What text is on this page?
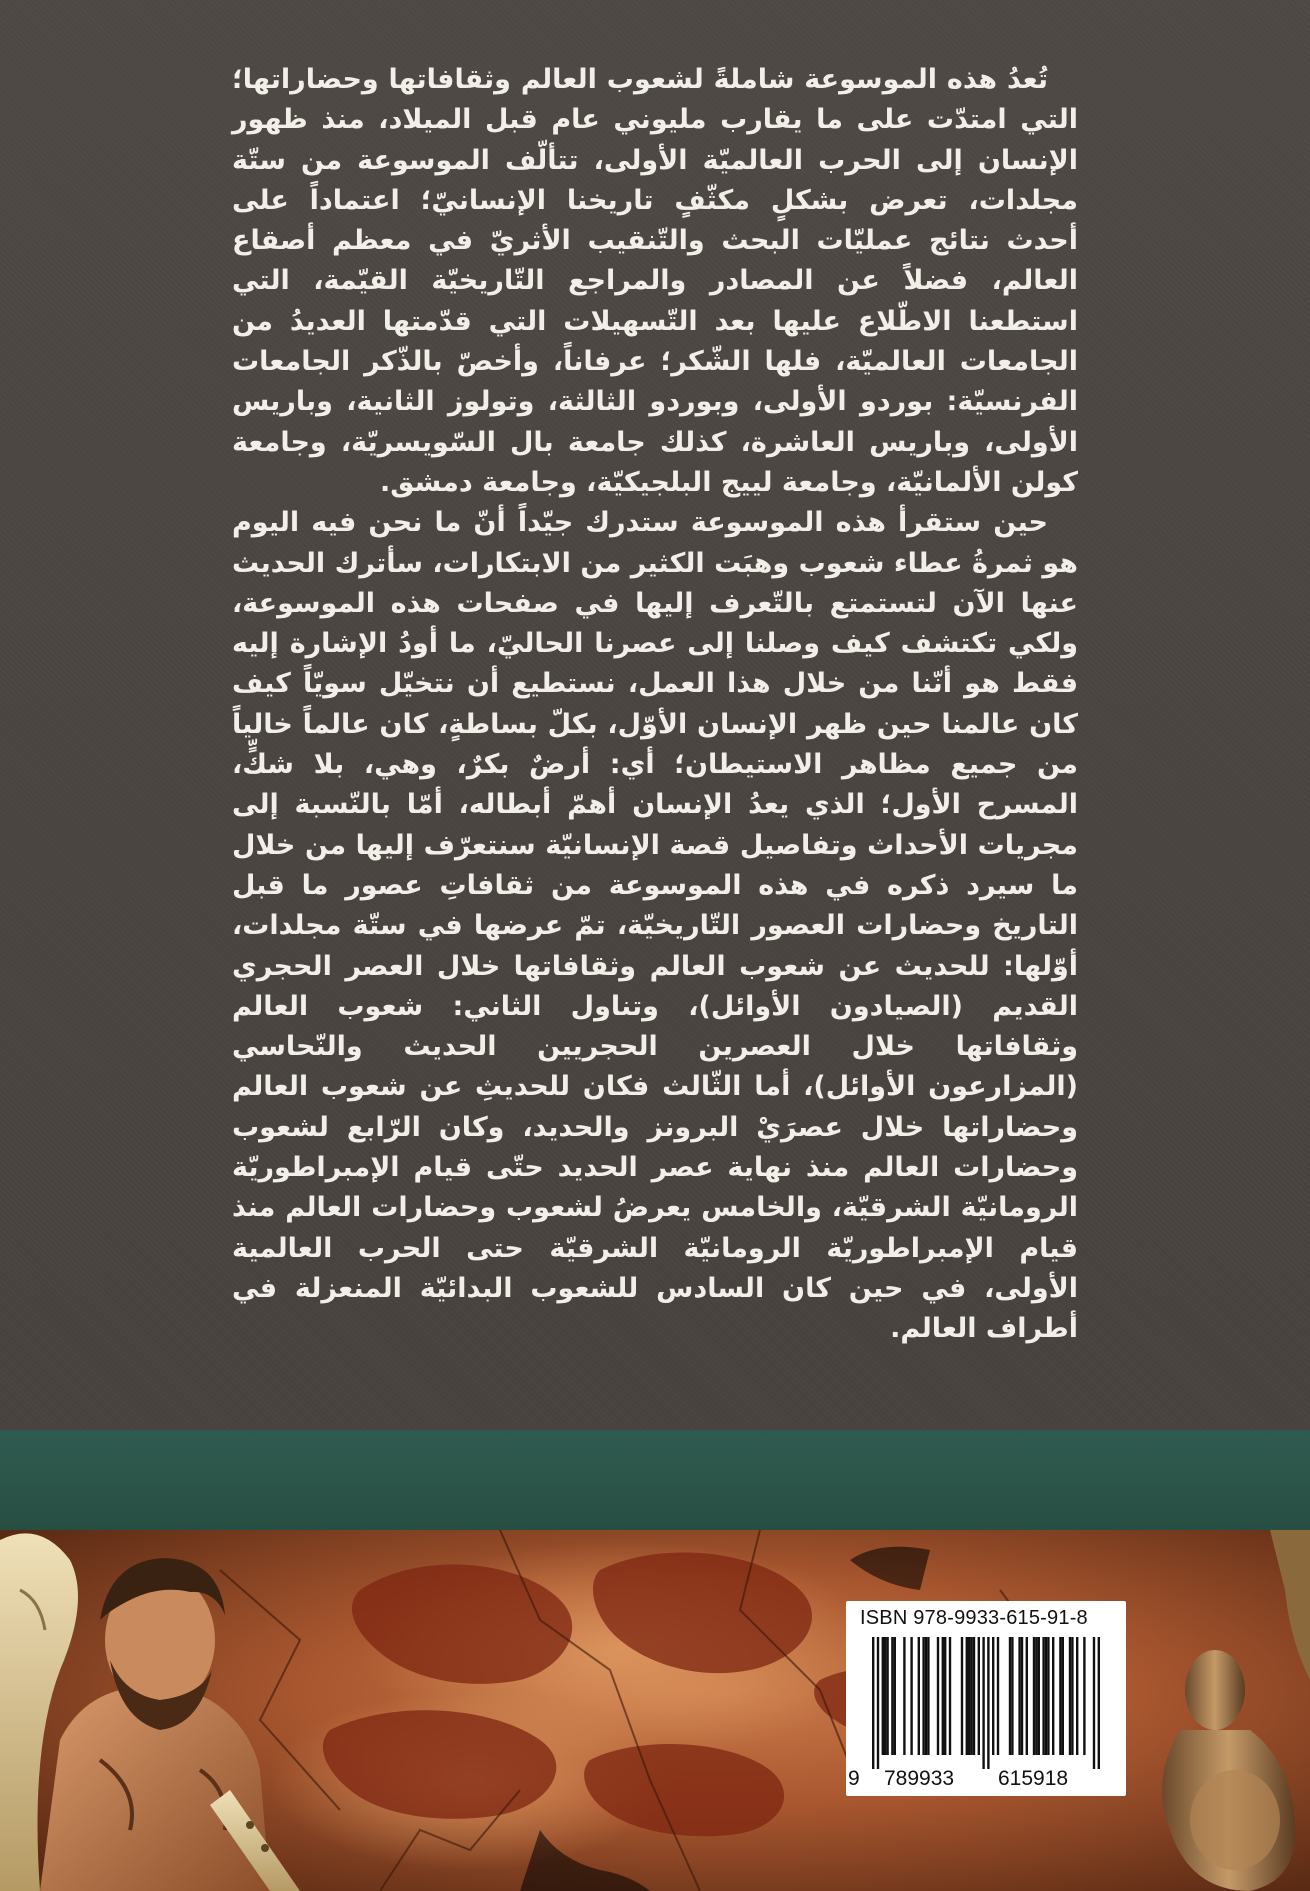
تُعدُ هذه الموسوعة شاملةً لشعوب العالم وثقافاتها وحضاراتها؛ التي امتدّت على ما يقارب مليوني عام قبل الميلاد، منذ ظهور الإنسان إلى الحرب العالميّة الأولى، تتألّف الموسوعة من ستّة مجلدات، تعرض بشكلٍ مكثّفٍ تاريخنا الإنسانيّ؛ اعتماداً على أحدث نتائج عمليّات البحث والتّنقيب الأثريّ في معظم أصقاع العالم، فضلاً عن المصادر والمراجع التّاريخيّة القيّمة، التي استطعنا الاطّلاع عليها بعد التّسهيلات التي قدّمتها العديدُ من الجامعات العالميّة، فلها الشّكر؛ عرفاناً، وأخصّ بالذّكر الجامعات الفرنسيّة: بوردو الأولى، وبوردو الثالثة، وتولوز الثانية، وباريس الأولى، وباريس العاشرة، كذلك جامعة بال السّويسريّة، وجامعة كولن الألمانيّة، وجامعة لييج البلجيكيّة، وجامعة دمشق.

حين ستقرأ هذه الموسوعة ستدرك جيّداً أنّ ما نحن فيه اليوم هو ثمرةُ عطاء شعوب وهبَت الكثير من الابتكارات، سأترك الحديث عنها الآن لتستمتع بالتّعرف إليها في صفحات هذه الموسوعة، ولكي تكتشف كيف وصلنا إلى عصرنا الحاليّ، ما أودُ الإشارة إليه فقط هو أنّنا من خلال هذا العمل، نستطيع أن نتخيّل سويّاً كيف كان عالمنا حين ظهر الإنسان الأوّل، بكلّ بساطةٍ، كان عالماً خالياً من جميع مظاهر الاستيطان؛ أي: أرضٌ بكرٌ، وهي، بلا شكٍّ، المسرح الأول؛ الذي يعدُ الإنسان أهمّ أبطاله، أمّا بالنّسبة إلى مجريات الأحداث وتفاصيل قصة الإنسانيّة سنتعرّف إليها من خلال ما سيرد ذكره في هذه الموسوعة من ثقافاتِ عصور ما قبل التاريخ وحضارات العصور التّاريخيّة، تمّ عرضها في ستّة مجلدات، أوّلها: للحديث عن شعوب العالم وثقافاتها خلال العصر الحجري القديم (الصيادون الأوائل)، وتناول الثاني: شعوب العالم وثقافاتها خلال العصرين الحجريين الحديث والنّحاسي (المزارعون الأوائل)، أما الثّالث فكان للحديثِ عن شعوب العالم وحضاراتها خلال عصرَيْ البرونز والحديد، وكان الرّابع لشعوب وحضارات العالم منذ نهاية عصر الحديد حتّى قيام الإمبراطوريّة الرومانيّة الشرقيّة، والخامس يعرضُ لشعوب وحضارات العالم منذ قيام الإمبراطوريّة الرومانيّة الشرقيّة حتى الحرب العالمية الأولى، في حين كان السادس للشعوب البدائيّة المنعزلة في أطراف العالم.

ISBN 978-9933-615-91-8
9 789933 615918
